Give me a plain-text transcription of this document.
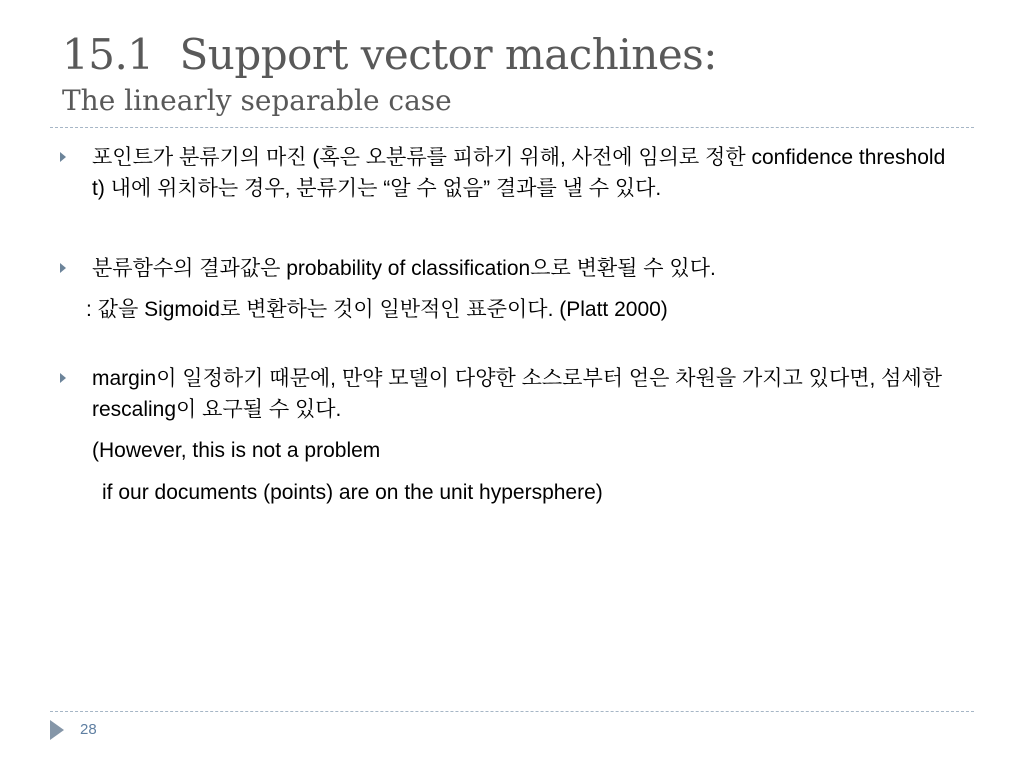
15.1 Support vector machines:
The linearly separable case
포인트가 분류기의 마진 (혹은 오분류를 피하기 위해, 사전에 임의로 정한 confidence threshold t) 내에 위치하는 경우, 분류기는 “알 수 없음” 결과를 낼 수 있다.
분류함수의 결과값은 probability of classification으로 변환될 수 있다.
: 값을 Sigmoid로 변환하는 것이 일반적인 표준이다. (Platt 2000)
margin이 일정하기 때문에, 만약 모델이 다양한 소스로부터 얻은 차원을 가지고 있다면, 섬세한 rescaling이 요구될 수 있다.
(However, this is not a problem
if our documents (points) are on the unit hypersphere)
28
